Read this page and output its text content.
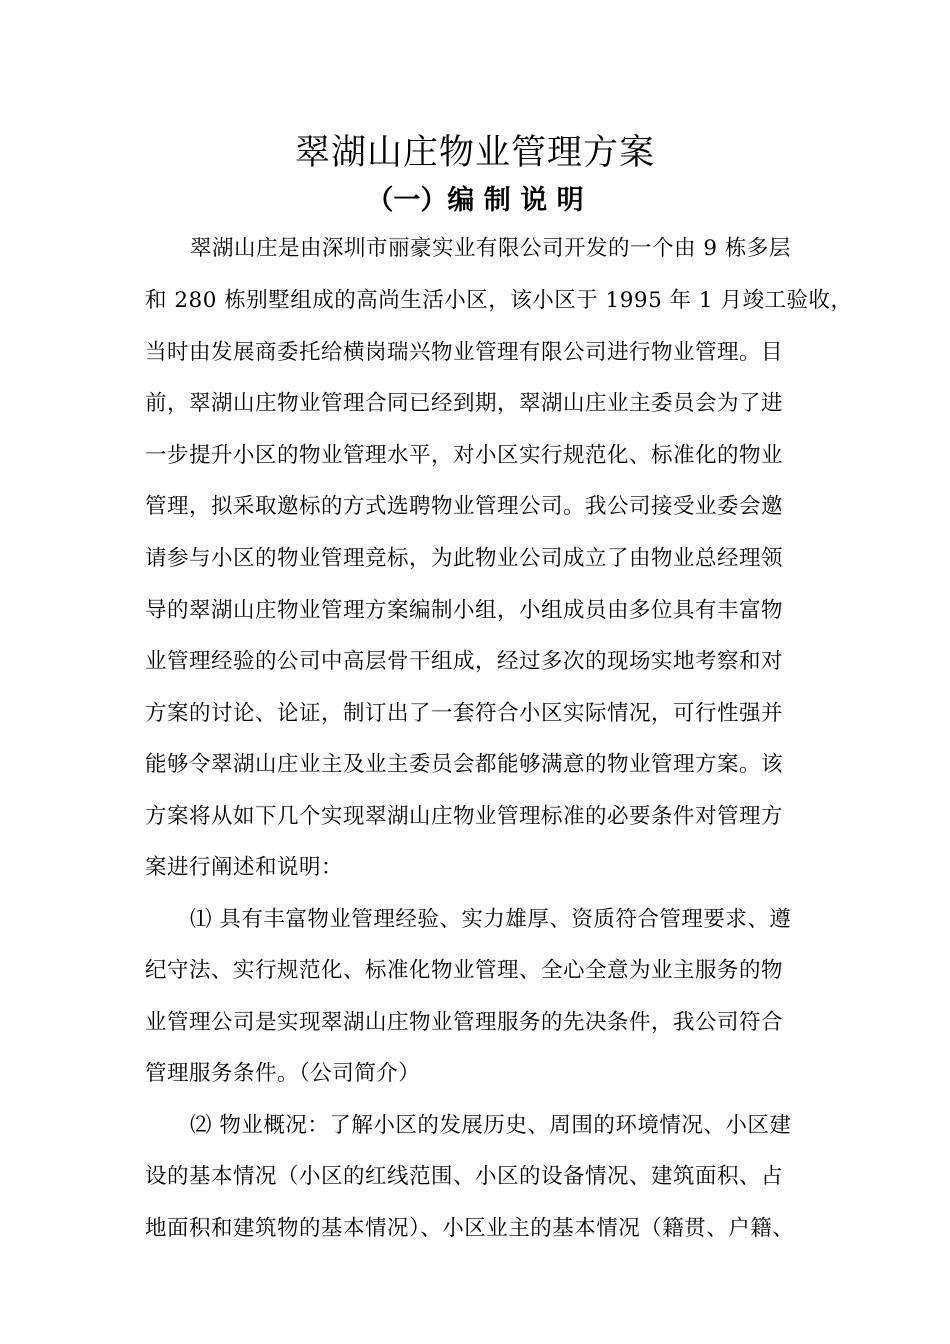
翠湖山庄物业管理方案
（一）编 制 说 明
翠湖山庄是由深圳市丽豪实业有限公司开发的一个由 9 栋多层
和 280 栋别墅组成的高尚生活小区，该小区于 1995 年 1 月竣工验收，
当时由发展商委托给横岗瑞兴物业管理有限公司进行物业管理。目
前，翠湖山庄物业管理合同已经到期，翠湖山庄业主委员会为了进
一步提升小区的物业管理水平，对小区实行规范化、标准化的物业
管理，拟采取邀标的方式选聘物业管理公司。我公司接受业委会邀
请参与小区的物业管理竞标，为此物业公司成立了由物业总经理领
导的翠湖山庄物业管理方案编制小组，小组成员由多位具有丰富物
业管理经验的公司中高层骨干组成，经过多次的现场实地考察和对
方案的讨论、论证，制订出了一套符合小区实际情况，可行性强并
能够令翠湖山庄业主及业主委员会都能够满意的物业管理方案。该
方案将从如下几个实现翠湖山庄物业管理标准的必要条件对管理方
案进行阐述和说明：
⑴ 具有丰富物业管理经验、实力雄厚、资质符合管理要求、遵
纪守法、实行规范化、标准化物业管理、全心全意为业主服务的物
业管理公司是实现翠湖山庄物业管理服务的先决条件，我公司符合
管理服务条件。（公司简介）
⑵ 物业概况：了解小区的发展历史、周围的环境情况、小区建
设的基本情况（小区的红线范围、小区的设备情况、建筑面积、占
地面积和建筑物的基本情况）、小区业主的基本情况（籍贯、户籍、
